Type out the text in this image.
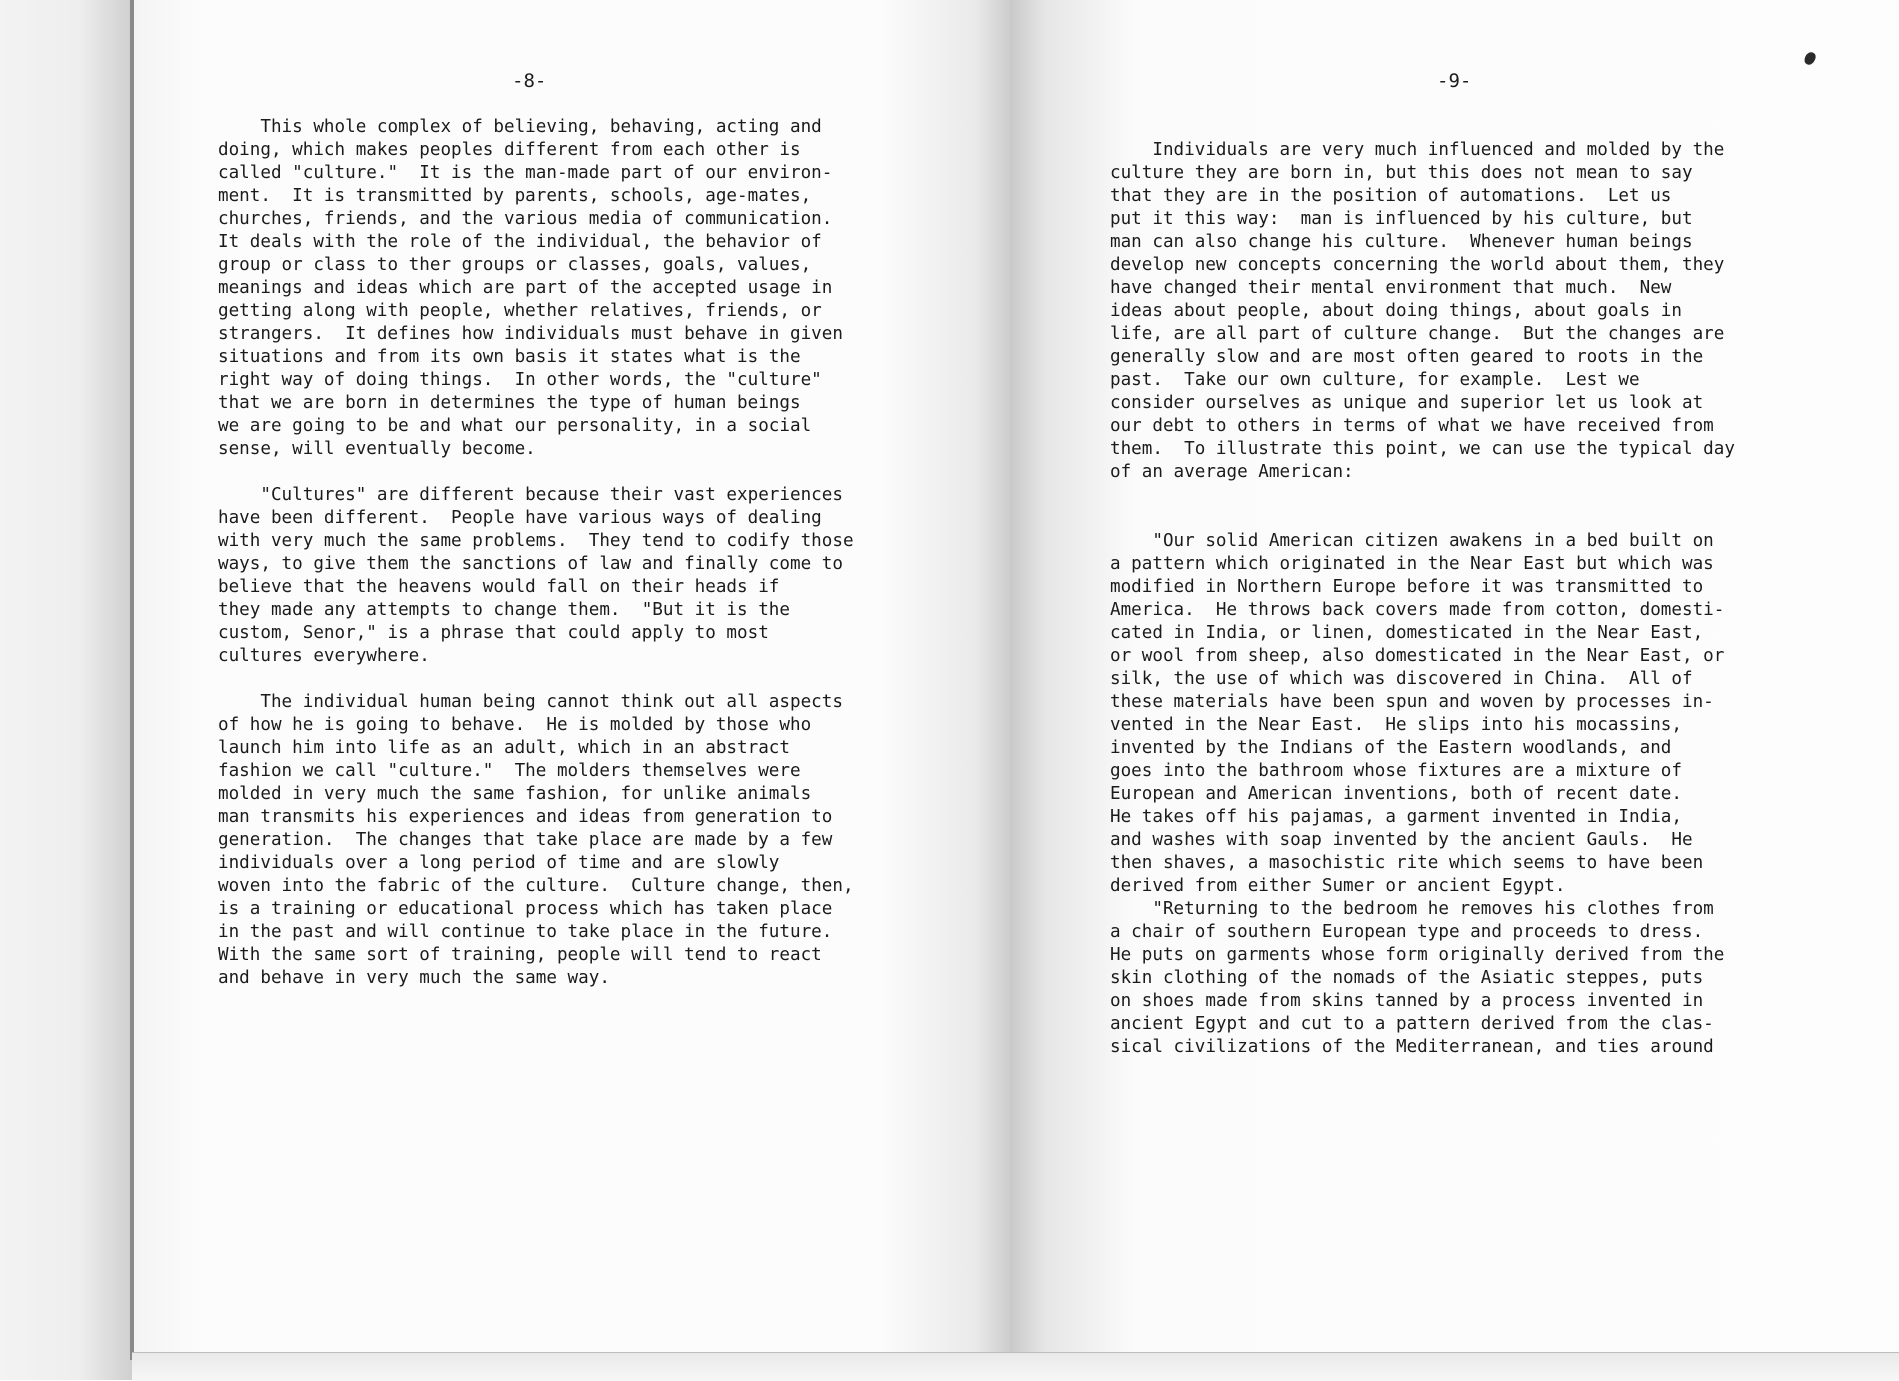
-8-
This whole complex of believing, behaving, acting and
doing, which makes peoples different from each other is
called "culture."  It is the man-made part of our environ-
ment.  It is transmitted by parents, schools, age-mates,
churches, friends, and the various media of communication.
It deals with the role of the individual, the behavior of
group or class to ther groups or classes, goals, values,
meanings and ideas which are part of the accepted usage in
getting along with people, whether relatives, friends, or
strangers.  It defines how individuals must behave in given
situations and from its own basis it states what is the
right way of doing things.  In other words, the "culture"
that we are born in determines the type of human beings
we are going to be and what our personality, in a social
sense, will eventually become.
"Cultures" are different because their vast experiences
have been different.  People have various ways of dealing
with very much the same problems.  They tend to codify those
ways, to give them the sanctions of law and finally come to
believe that the heavens would fall on their heads if
they made any attempts to change them.  "But it is the
custom, Senor," is a phrase that could apply to most
cultures everywhere.
The individual human being cannot think out all aspects
of how he is going to behave.  He is molded by those who
launch him into life as an adult, which in an abstract
fashion we call "culture."  The molders themselves were
molded in very much the same fashion, for unlike animals
man transmits his experiences and ideas from generation to
generation.  The changes that take place are made by a few
individuals over a long period of time and are slowly
woven into the fabric of the culture.  Culture change, then,
is a training or educational process which has taken place
in the past and will continue to take place in the future.
With the same sort of training, people will tend to react
and behave in very much the same way.
-9-
Individuals are very much influenced and molded by the
culture they are born in, but this does not mean to say
that they are in the position of automations.  Let us
put it this way:  man is influenced by his culture, but
man can also change his culture.  Whenever human beings
develop new concepts concerning the world about them, they
have changed their mental environment that much.  New
ideas about people, about doing things, about goals in
life, are all part of culture change.  But the changes are
generally slow and are most often geared to roots in the
past.  Take our own culture, for example.  Lest we
consider ourselves as unique and superior let us look at
our debt to others in terms of what we have received from
them.  To illustrate this point, we can use the typical day
of an average American:
"Our solid American citizen awakens in a bed built on
a pattern which originated in the Near East but which was
modified in Northern Europe before it was transmitted to
America.  He throws back covers made from cotton, domesti-
cated in India, or linen, domesticated in the Near East,
or wool from sheep, also domesticated in the Near East, or
silk, the use of which was discovered in China.  All of
these materials have been spun and woven by processes in-
vented in the Near East.  He slips into his mocassins,
invented by the Indians of the Eastern woodlands, and
goes into the bathroom whose fixtures are a mixture of
European and American inventions, both of recent date.
He takes off his pajamas, a garment invented in India,
and washes with soap invented by the ancient Gauls.  He
then shaves, a masochistic rite which seems to have been
derived from either Sumer or ancient Egypt.
"Returning to the bedroom he removes his clothes from
a chair of southern European type and proceeds to dress.
He puts on garments whose form originally derived from the
skin clothing of the nomads of the Asiatic steppes, puts
on shoes made from skins tanned by a process invented in
ancient Egypt and cut to a pattern derived from the clas-
sical civilizations of the Mediterranean, and ties around
